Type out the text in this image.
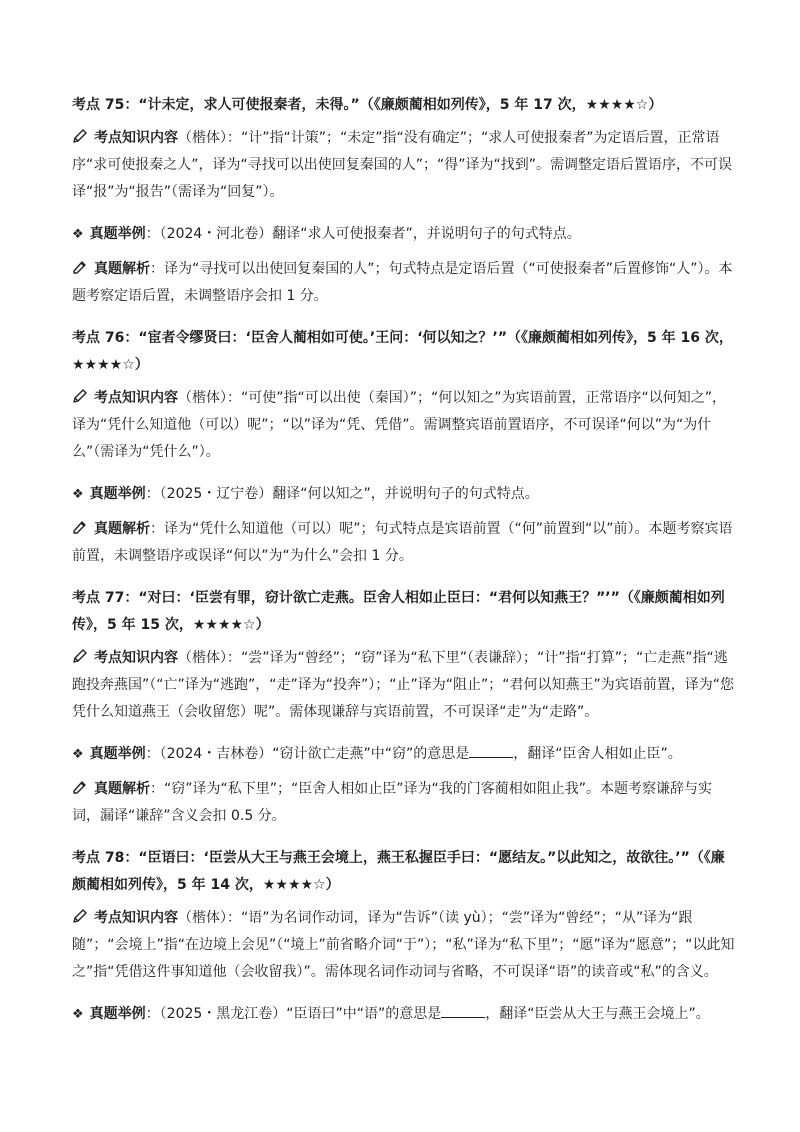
考点 75：“计未定，求人可使报秦者，未得。”（《廉颇蔺相如列传》，5 年 17 次，★★★★☆）

考点知识内容（楷体）：“计”指“计策”；“未定”指“没有确定”；“求人可使报秦者”为定语后置，正常语序“求可使报秦之人”，译为“寻找可以出使回复秦国的人”；“得”译为“找到”。需调整定语后置语序，不可误译“报”为“报告”（需译为“回复”）。

❖ 真题举例：（2024・河北卷）翻译“求人可使报秦者”，并说明句子的句式特点。

真题解析：译为“寻找可以出使回复秦国的人”；句式特点是定语后置（“可使报秦者”后置修饰“人”）。本题考察定语后置，未调整语序会扣 1 分。

考点 76：“宦者令缪贤曰：‘臣舍人蔺相如可使。’王问：‘何以知之？’”（《廉颇蔺相如列传》，5 年 16 次，★★★★☆）

考点知识内容（楷体）：“可使”指“可以出使（秦国）”；“何以知之”为宾语前置，正常语序“以何知之”，译为“凭什么知道他（可以）呢”；“以”译为“凭、凭借”。需调整宾语前置语序，不可误译“何以”为“为什么”（需译为“凭什么”）。

❖ 真题举例：（2025・辽宁卷）翻译“何以知之”，并说明句子的句式特点。

真题解析：译为“凭什么知道他（可以）呢”；句式特点是宾语前置（“何”前置到“以”前）。本题考察宾语前置，未调整语序或误译“何以”为“为什么”会扣 1 分。

考点 77：“对曰：‘臣尝有罪，窃计欲亡走燕。臣舍人相如止臣曰：“君何以知燕王？”’”（《廉颇蔺相如列传》，5 年 15 次，★★★★☆）

考点知识内容（楷体）：“尝”译为“曾经”；“窃”译为“私下里”（表谦辞）；“计”指“打算”；“亡走燕”指“逃跑投奔燕国”（“亡”译为“逃跑”，“走”译为“投奔”）；“止”译为“阻止”；“君何以知燕王”为宾语前置，译为“您凭什么知道燕王（会收留您）呢”。需体现谦辞与宾语前置，不可误译“走”为“走路”。

❖ 真题举例：（2024・吉林卷）“窃计欲亡走燕”中“窃”的意思是	，翻译“臣舍人相如止臣”。

真题解析：“窃”译为“私下里”；“臣舍人相如止臣”译为“我的门客蔺相如阻止我”。本题考察谦辞与实词，漏译“谦辞”含义会扣 0.5 分。

考点 78：“臣语曰：‘臣尝从大王与燕王会境上，燕王私握臣手曰：“愿结友。”以此知之，故欲往。’”（《廉颇蔺相如列传》，5 年 14 次，★★★★☆）

考点知识内容（楷体）：“语”为名词作动词，译为“告诉”（读 yù）；“尝”译为“曾经”；“从”译为“跟随”；“会境上”指“在边境上会见”（“境上”前省略介词“于”）；“私”译为“私下里”；“愿”译为“愿意”；“以此知之”指“凭借这件事知道他（会收留我）”。需体现名词作动词与省略，不可误译“语”的读音或“私”的含义。

❖ 真题举例：（2025・黑龙江卷）“臣语曰”中“语”的意思是	，翻译“臣尝从大王与燕王会境上”。
